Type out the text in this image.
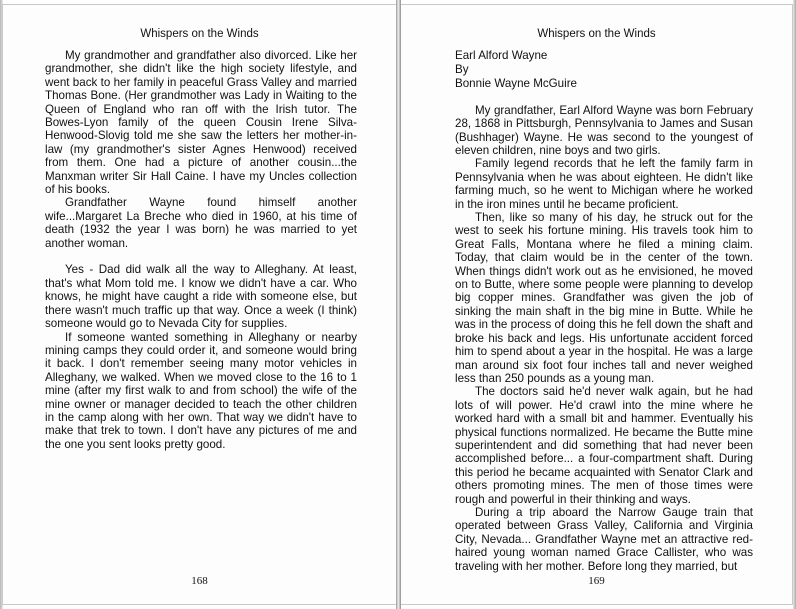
Whispers on the Winds

My grandmother and grandfather also divorced. Like her grandmother, she didn't like the high society lifestyle, and went back to her family in peaceful Grass Valley and married Thomas Bone. (Her grandmother was Lady in Waiting to the Queen of England who ran off with the Irish tutor. The Bowes-Lyon family of the queen Cousin Irene Silva-Henwood-Slovig told me she saw the letters her mother-in-law (my grandmother's sister Agnes Henwood) received from them. One had a picture of another cousin...the Manxman writer Sir Hall Caine. I have my Uncles collection of his books.

Grandfather Wayne found himself another wife...Margaret La Breche who died in 1960, at his time of death (1932 the year I was born) he was married to yet another woman.

Yes - Dad did walk all the way to Alleghany. At least, that's what Mom told me. I know we didn't have a car. Who knows, he might have caught a ride with someone else, but there wasn't much traffic up that way. Once a week (I think) someone would go to Nevada City for supplies.

If someone wanted something in Alleghany or nearby mining camps they could order it, and someone would bring it back. I don't remember seeing many motor vehicles in Alleghany, we walked. When we moved close to the 16 to 1 mine (after my first walk to and from school) the wife of the mine owner or manager decided to teach the other children in the camp along with her own. That way we didn't have to make that trek to town. I don't have any pictures of me and the one you sent looks pretty good.

168
Whispers on the Winds
Earl Alford Wayne
By
Bonnie Wayne McGuire

My grandfather, Earl Alford Wayne was born February 28, 1868 in Pittsburgh, Pennsylvania to James and Susan (Bushhager) Wayne. He was second to the youngest of eleven children, nine boys and two girls.

Family legend records that he left the family farm in Pennsylvania when he was about eighteen. He didn't like farming much, so he went to Michigan where he worked in the iron mines until he became proficient.

Then, like so many of his day, he struck out for the west to seek his fortune mining. His travels took him to Great Falls, Montana where he filed a mining claim. Today, that claim would be in the center of the town. When things didn't work out as he envisioned, he moved on to Butte, where some people were planning to develop big copper mines. Grandfather was given the job of sinking the main shaft in the big mine in Butte. While he was in the process of doing this he fell down the shaft and broke his back and legs. His unfortunate accident forced him to spend about a year in the hospital. He was a large man around six foot four inches tall and never weighed less than 250 pounds as a young man.

The doctors said he'd never walk again, but he had lots of will power. He'd crawl into the mine where he worked hard with a small bit and hammer. Eventually his physical functions normalized. He became the Butte mine superintendent and did something that had never been accomplished before... a four-compartment shaft. During this period he became acquainted with Senator Clark and others promoting mines. The men of those times were rough and powerful in their thinking and ways.

During a trip aboard the Narrow Gauge train that operated between Grass Valley, California and Virginia City, Nevada... Grandfather Wayne met an attractive red-haired young woman named Grace Callister, who was traveling with her mother. Before long they married, but

169
